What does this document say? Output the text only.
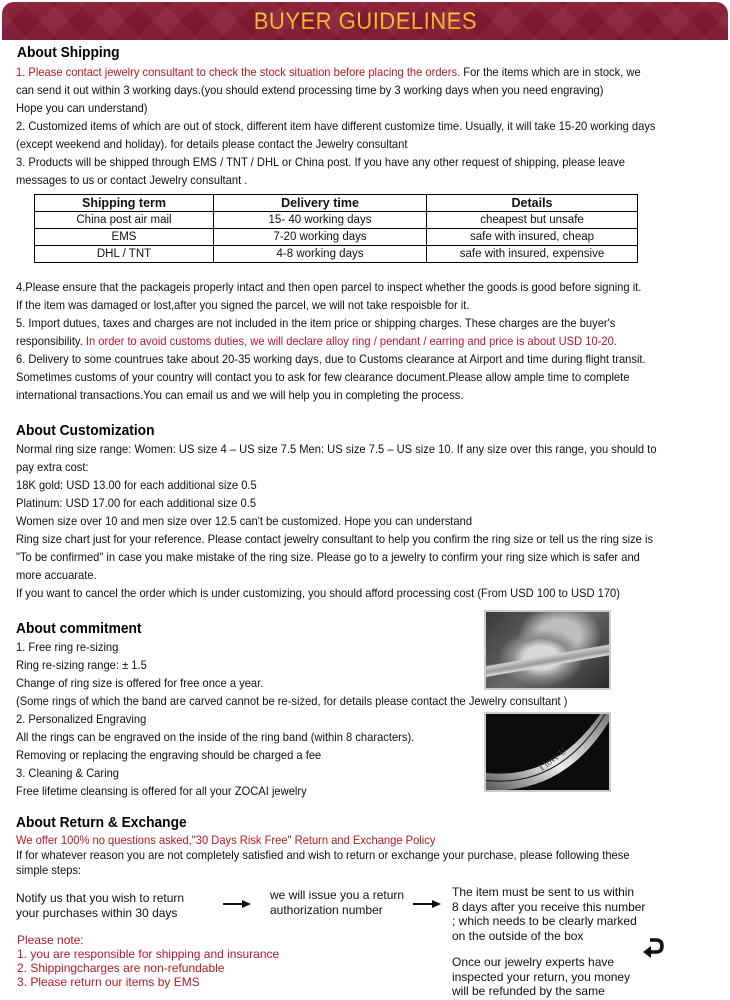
BUYER GUIDELINES
About Shipping
1. Please contact jewelry consultant to check the stock situation before placing the orders. For the items which are in stock, we
can send it out within 3 working days.(you should extend processing time by 3 working days when you need engraving)
Hope you can understand)
2. Customized items of which are out of stock, different item have different customize time. Usually, it will take 15-20 working days
(except weekend and holiday). for details please contact the Jewelry consultant
3. Products will be shipped through EMS / TNT / DHL or China post. If you have any other request of shipping, please leave
messages to us or contact Jewelry consultant .
Shipping term	Delivery time	Details
China post air mail	15- 40 working days	cheapest but unsafe
EMS	7-20 working days	safe with insured, cheap
DHL / TNT	4-8 working days	safe with insured, expensive
4.Please ensure that the packageis properly intact and then open parcel to inspect whether the goods is good before signing it.
If the item was damaged or lost,after you signed the parcel, we will not take respoisble for it.
5. Import dutues, taxes and charges are not included in the item price or shipping charges. These charges are the buyer's
responsibility. In order to avoid customs duties, we will declare alloy ring / pendant / earring and price is about USD 10-20.
6. Delivery to some countrues take about 20-35 working days, due to Customs clearance at Airport and time during flight transit.
Sometimes customs of your country will contact you to ask for few clearance document.Please allow ample time to complete
international transactions.You can email us and we will help you in completing the process.
About Customization
Normal ring size range: Women: US size 4 – US size 7.5 Men: US size 7.5 – US size 10. If any size over this range, you should to
pay extra cost:
18K gold: USD 13.00 for each additional size 0.5
Platinum: USD 17.00 for each additional size 0.5
Women size over 10 and men size over 12.5 can't be customized. Hope you can understand
Ring size chart just for your reference. Please contact jewelry consultant to help you confirm the ring size or tell us the ring size is
"To be confirmed" in case you make mistake of the ring size. Please go to a jewelry to confirm your ring size which is safer and
more accuarate.
If you want to cancel the order which is under customizing, you should afford processing cost (From USD 100 to USD 170)
About commitment
1. Free ring re-sizing
Ring re-sizing range: ± 1.5
Change of ring size is offered for free once a year.
(Some rings of which the band are carved cannot be re-sized, for details please contact the Jewelry consultant )
2. Personalized Engraving
All the rings can be engraved on the inside of the ring band (within 8 characters).
Removing or replacing the engraving should be charged a fee
3. Cleaning & Caring
Free lifetime cleansing is offered for all your ZOCAI jewelry
I love U
About Return & Exchange
We offer 100% no questions asked,"30 Days Risk Free" Return and Exchange Policy
If for whatever reason you are not completely satisfied and wish to return or exchange your purchase, please following these
simple steps:
Notify us that you wish to return
your purchases within 30 days
we will issue you a return
authorization number
The item must be sent to us within
8 days after you receive this number
; which needs to be clearly marked
on the outside of the box
Once our jewelry experts have
inspected your return, you money
will be refunded by the same
Please note:
1. you are responsible for shipping and insurance
2. Shippingcharges are non-refundable
3. Please return our items by EMS
